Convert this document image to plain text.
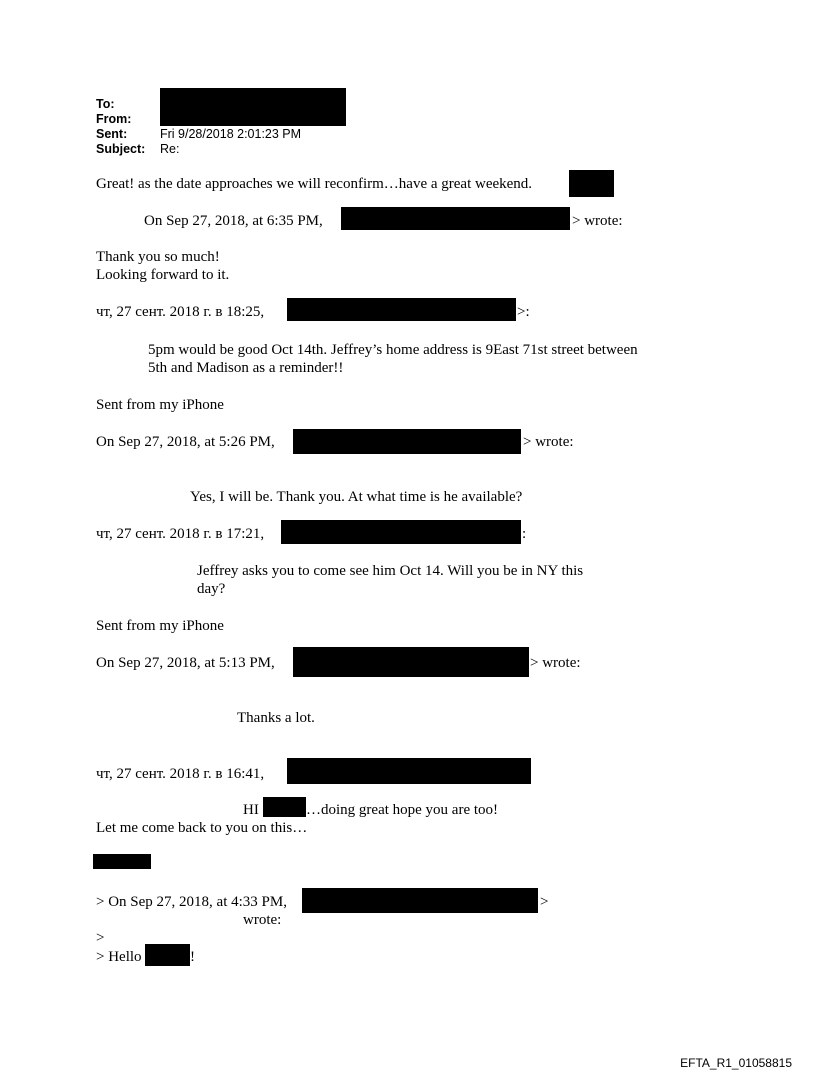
To:
From:
Sent:	Fri 9/28/2018 2:01:23 PM
Subject: Re:
Great! as the date approaches we will reconfirm…have a great weekend.
On Sep 27, 2018, at 6:35 PM,	> wrote:
Thank you so much!
Looking forward to it.
чт, 27 сент. 2018 г. в 18:25,	>:
5pm would be good Oct 14th. Jeffrey’s home address is 9East 71st street between
5th and Madison as a reminder!!
Sent from my iPhone
On Sep 27, 2018, at 5:26 PM,	> wrote:
Yes, I will be. Thank you. At what time is he available?
чт, 27 сент. 2018 г. в 17:21,	:
Jeffrey asks you to come see him Oct 14. Will you be in NY this
day?
Sent from my iPhone
On Sep 27, 2018, at 5:13 PM,	> wrote:
Thanks a lot.
чт, 27 сент. 2018 г. в 16:41,
HI	…doing great hope you are too!
Let me come back to you on this…
> On Sep 27, 2018, at 4:33 PM,	>
wrote:
>
> Hello	!
EFTA_R1_01058815
